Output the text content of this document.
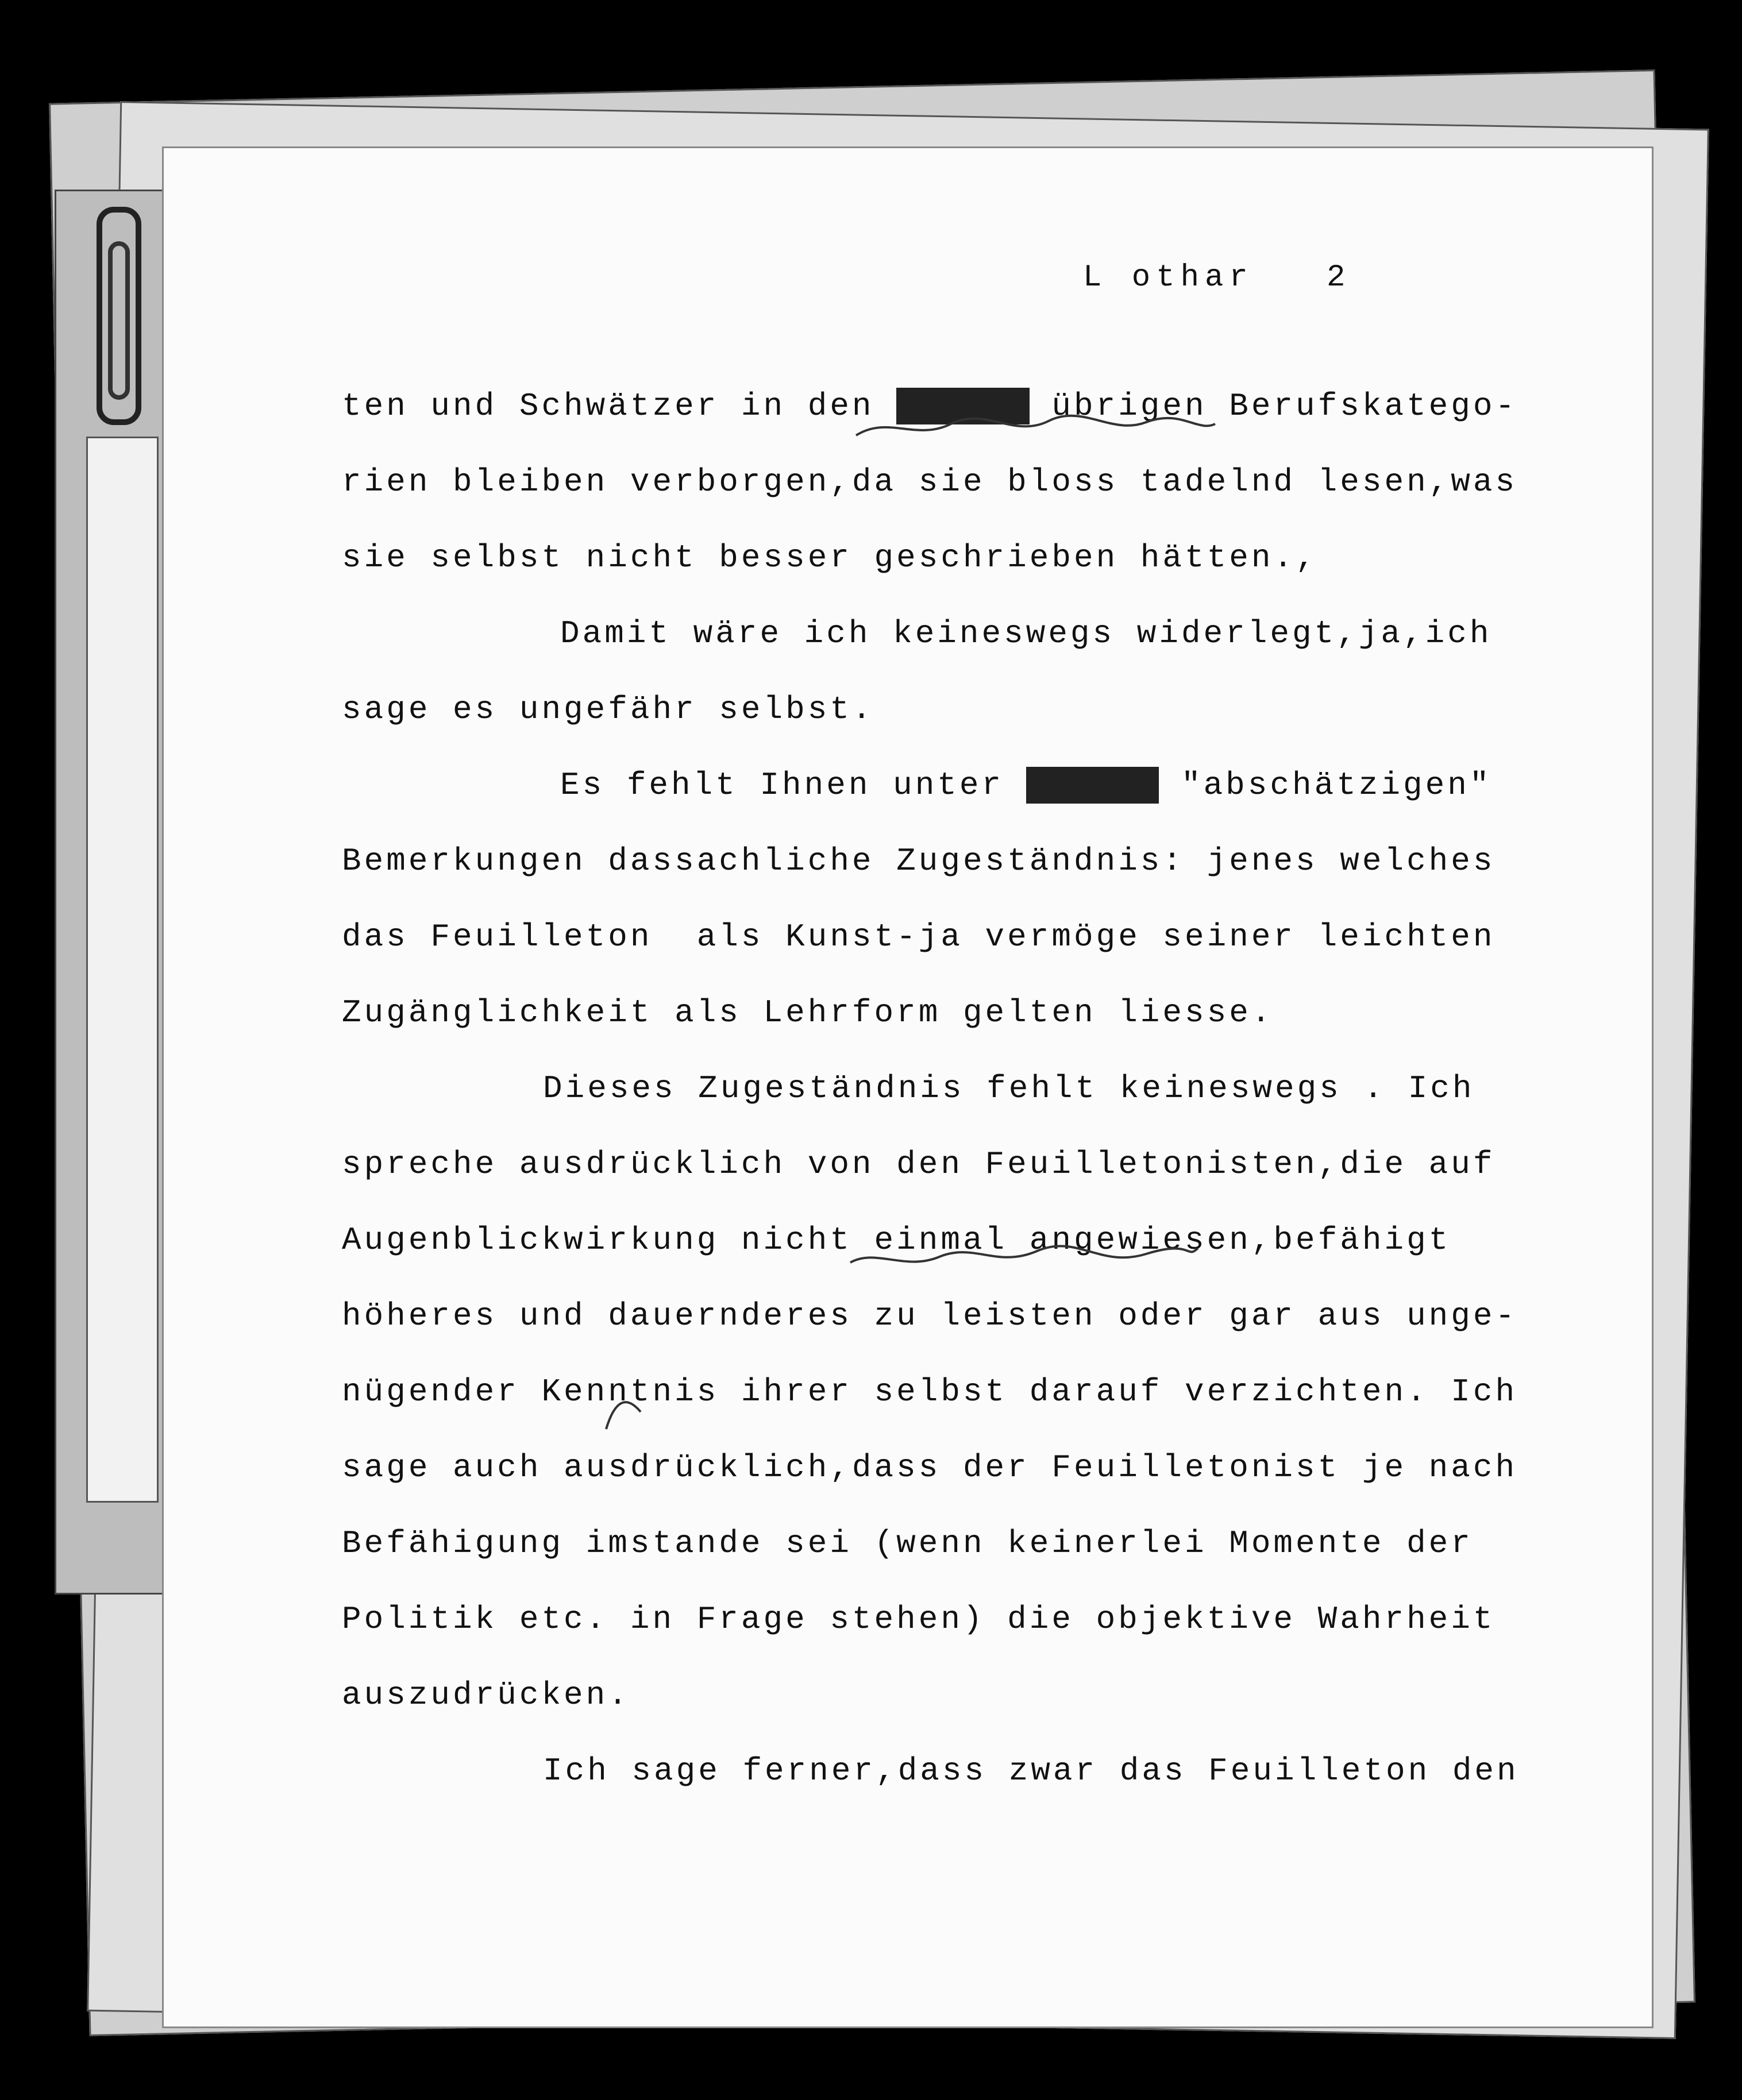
L othar   2
ten und Schwätzer in den Bxxxxx übrigen Berufskatego-
rien bleiben verborgen,da sie bloss tadelnd lesen,was
sie selbst nicht besser geschrieben hätten.,
Damit wäre ich keineswegs widerlegt,ja,ich
sage es ungefähr selbst.
Es fehlt Ihnen unter meinen "abschätzigen"
Bemerkungen dassachliche Zugeständnis: jenes welches
das Feuilleton  als Kunst-ja vermöge seiner leichten
Zugänglichkeit als Lehrform gelten liesse.
Dieses Zugeständnis fehlt keineswegs . Ich
spreche ausdrücklich von den Feuilletonisten,die auf
Augenblickwirkung nicht einmal angewiesen,befähigt
höheres und dauernderes zu leisten oder gar aus unge-
nügender Kenntnis ihrer selbst darauf verzichten. Ich
sage auch ausdrücklich,dass der Feuilletonist je nach
Befähigung imstande sei (wenn keinerlei Momente der
Politik etc. in Frage stehen) die objektive Wahrheit
auszudrücken.
Ich sage ferner,dass zwar das Feuilleton den
